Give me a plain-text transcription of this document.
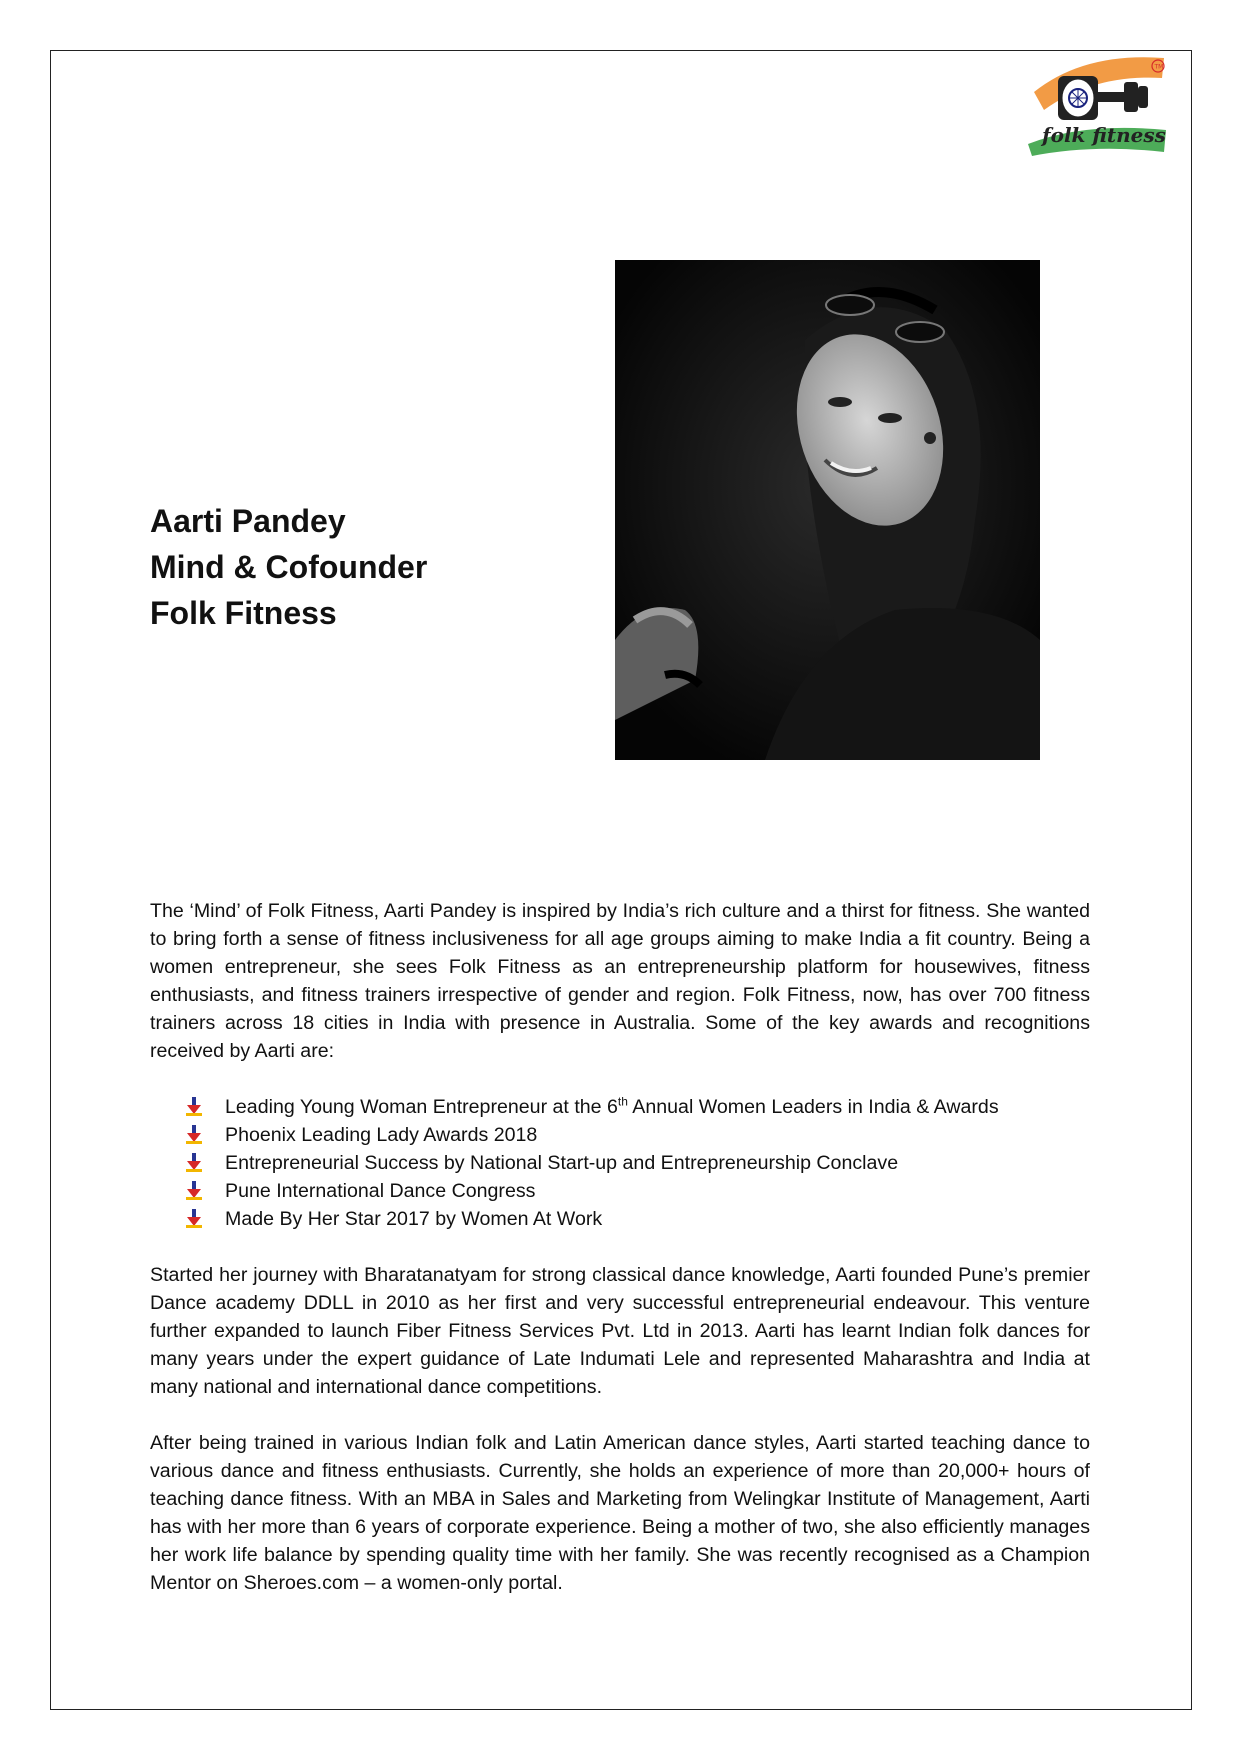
TM
folk fitness
Aarti Pandey
Mind & Cofounder
Folk Fitness
The ‘Mind’ of Folk Fitness, Aarti Pandey is inspired by India’s rich culture and a thirst for fitness. She wanted to bring forth a sense of fitness inclusiveness for all age groups aiming to make India a fit country. Being a women entrepreneur, she sees Folk Fitness as an entrepreneurship platform for housewives, fitness enthusiasts, and fitness trainers irrespective of gender and region. Folk Fitness, now, has over 700 fitness trainers across 18 cities in India with presence in Australia. Some of the key awards and recognitions received by Aarti are:
Leading Young Woman Entrepreneur at the 6th Annual Women Leaders in India & Awards
Phoenix Leading Lady Awards 2018
Entrepreneurial Success by National Start-up and Entrepreneurship Conclave
Pune International Dance Congress
Made By Her Star 2017 by Women At Work
Started her journey with Bharatanatyam for strong classical dance knowledge, Aarti founded Pune’s premier Dance academy DDLL in 2010 as her first and very successful entrepreneurial endeavour. This venture further expanded to launch Fiber Fitness Services Pvt. Ltd in 2013. Aarti has learnt Indian folk dances for many years under the expert guidance of Late Indumati Lele and represented Maharashtra and India at many national and international dance competitions.
After being trained in various Indian folk and Latin American dance styles, Aarti started teaching dance to various dance and fitness enthusiasts. Currently, she holds an experience of more than 20,000+ hours of teaching dance fitness. With an MBA in Sales and Marketing from Welingkar Institute of Management, Aarti has with her more than 6 years of corporate experience. Being a mother of two, she also efficiently manages her work life balance by spending quality time with her family. She was recently recognised as a Champion Mentor on Sheroes.com – a women-only portal.
